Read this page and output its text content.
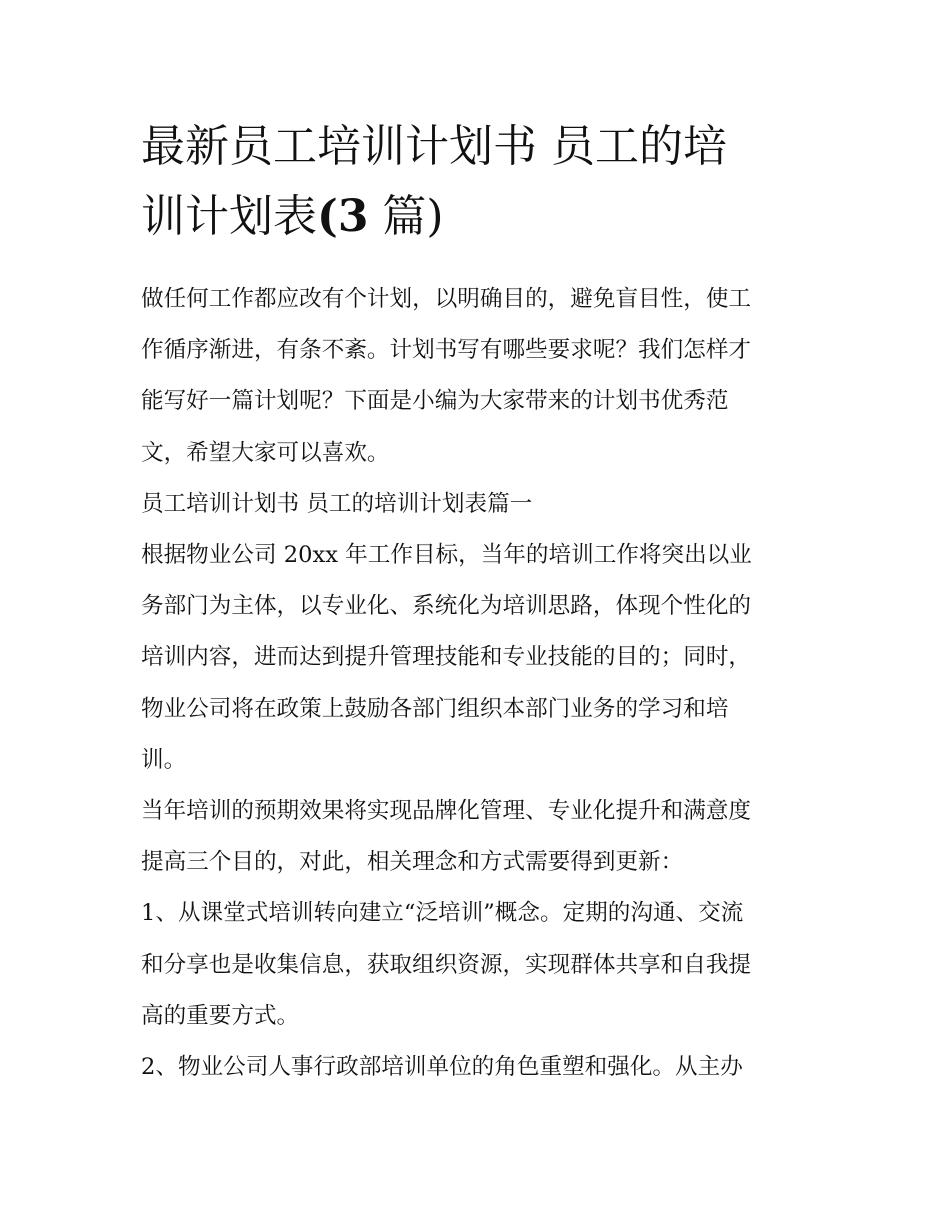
最新员工培训计划书 员工的培
训计划表(3 篇)

做任何工作都应改有个计划，以明确目的，避免盲目性，使工
作循序渐进，有条不紊。计划书写有哪些要求呢？我们怎样才
能写好一篇计划呢？下面是小编为大家带来的计划书优秀范
文，希望大家可以喜欢。

员工培训计划书 员工的培训计划表篇一

根据物业公司 20xx 年工作目标，当年的培训工作将突出以业
务部门为主体，以专业化、系统化为培训思路，体现个性化的
培训内容，进而达到提升管理技能和专业技能的目的；同时，
物业公司将在政策上鼓励各部门组织本部门业务的学习和培
训。

当年培训的预期效果将实现品牌化管理、专业化提升和满意度
提高三个目的，对此，相关理念和方式需要得到更新：

1、从课堂式培训转向建立“泛培训”概念。定期的沟通、交流
和分享也是收集信息，获取组织资源，实现群体共享和自我提
高的重要方式。

2、物业公司人事行政部培训单位的角色重塑和强化。从主办
